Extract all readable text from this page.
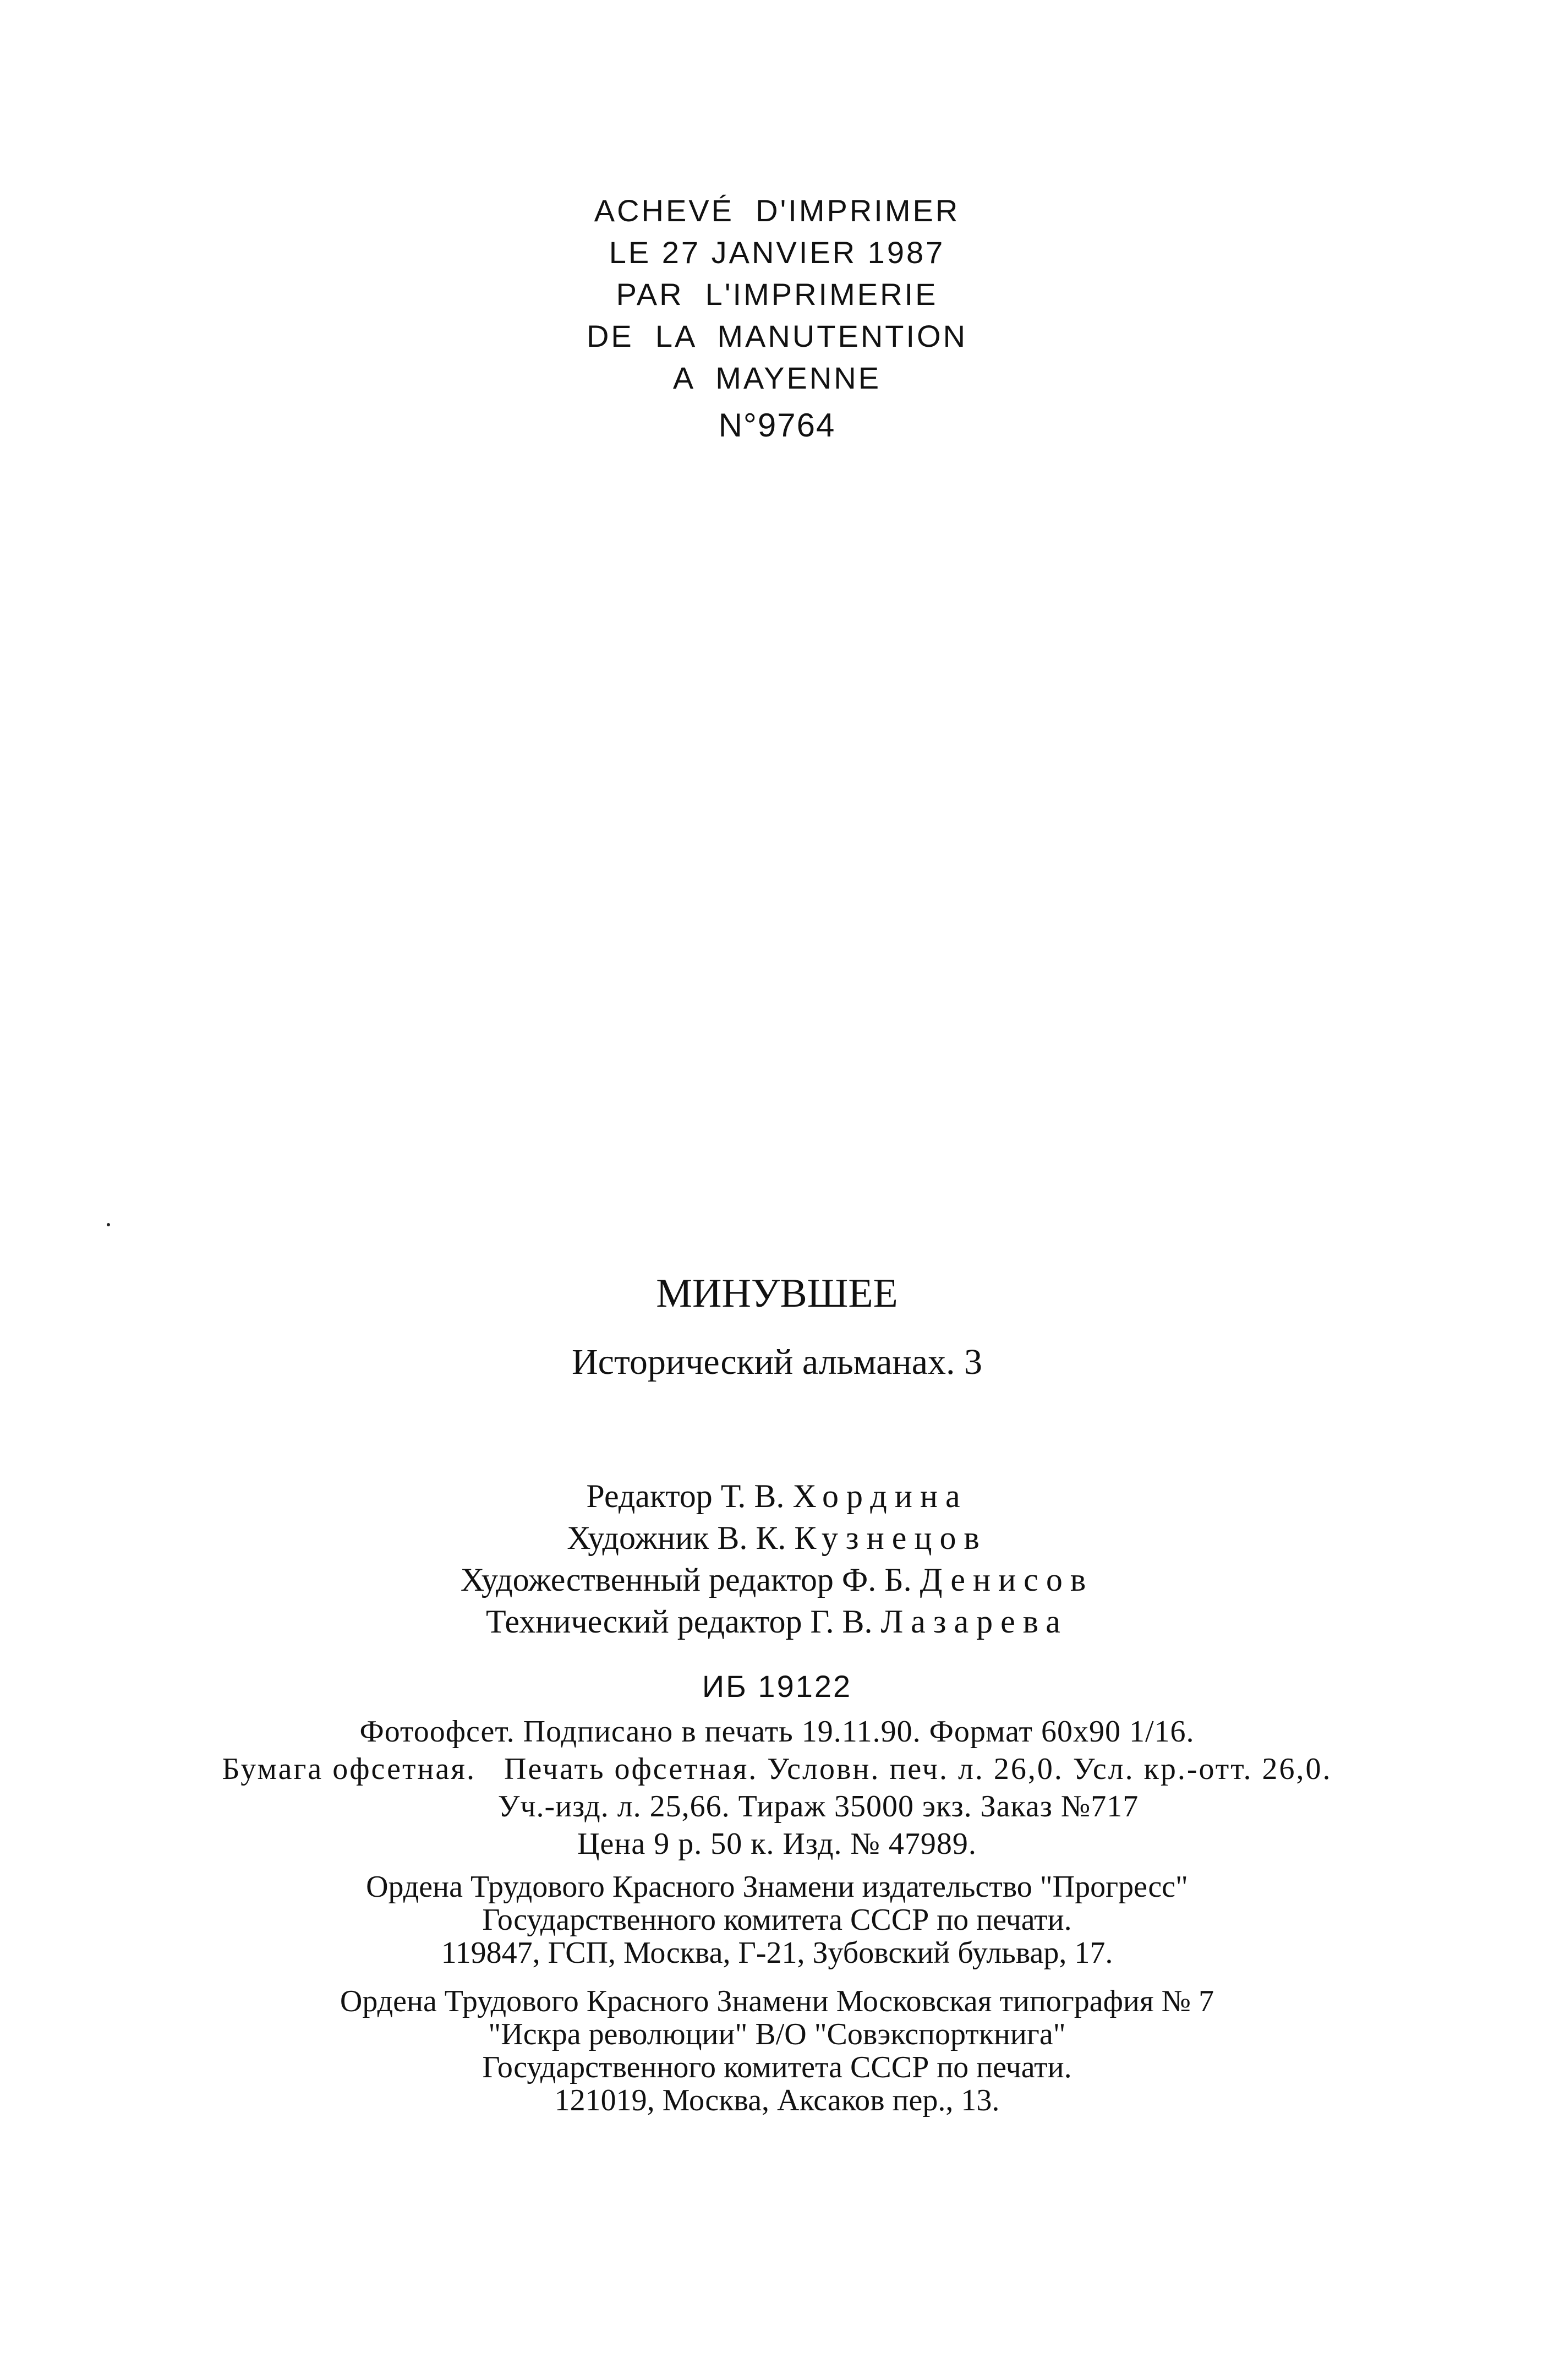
ACHEVÉ  D'IMPRIMER
LE 27 JANVIER 1987
PAR  L'IMPRIMERIE
DE  LA  MANUTENTION
A  MAYENNE
N°9764
МИНУВШЕЕ
Исторический альманах. 3
Редактор Т. В. Хордина
Художник В. К. Кузнецов
Художественный редактор Ф. Б. Денисов
Технический редактор Г. В. Лазарева
ИБ 19122
Фотоофсет. Подписано в печать 19.11.90. Формат 60x90 1/16.
Бумага офсетная.   Печать офсетная. Условн. печ. л. 26,0. Усл. кр.-отт. 26,0.
Уч.-изд. л. 25,66. Тираж 35000 экз. Заказ №717
Цена 9 р. 50 к. Изд. № 47989.
Ордена Трудового Красного Знамени издательство "Прогресс"
Государственного комитета СССР по печати.
119847, ГСП, Москва, Г-21, Зубовский бульвар, 17.
Ордена Трудового Красного Знамени Московская типография № 7
"Искра революции" В/О "Совэкспорткнига"
Государственного комитета СССР по печати.
121019, Москва, Аксаков пер., 13.
